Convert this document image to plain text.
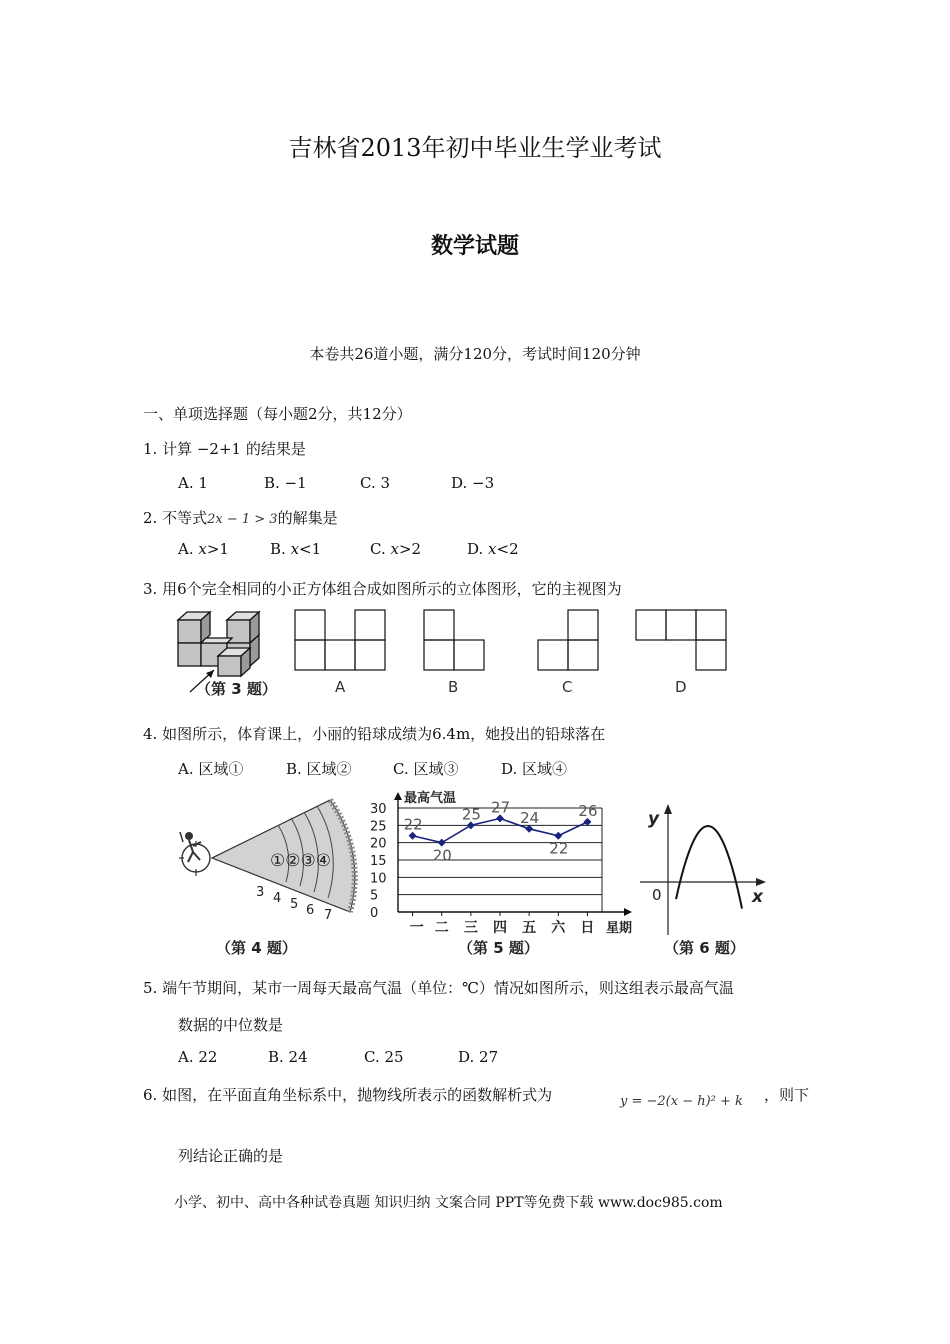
吉林省2013年初中毕业生学业考试
数学试题
本卷共26道小题，满分120分，考试时间120分钟
一、单项选择题（每小题2分，共12分）
1. 计算 −2+1 的结果是
A. 1	B. −1	C. 3	D. −3
2. 不等式2x − 1 > 3的解集是
A. x>1	B. x<1	C. x>2	D. x<2
3. 用6个完全相同的小正方体组合成如图所示的立体图形，它的主视图为
（第 3 题）	A	B	C	D
4. 如图所示，体育课上，小丽的铅球成绩为6.4m，她投出的铅球落在
A. 区域①	B. 区域②	C. 区域③	D. 区域④
①②③④
3 4 5 6 7
（第 4 题）
0
5
10
15
20
25
30
最高气温
一 二 三 四 五 六 日 星期
22
20
25 27
24
22
26
（第 5 题）
y
x
0
（第 6 题）
5. 端午节期间，某市一周每天最高气温（单位：℃）情况如图所示，则这组表示最高气温
数据的中位数是
A. 22	B. 24	C. 25	D. 27
6. 如图，在平面直角坐标系中，抛物线所表示的函数解析式为	y = −2(x − h)² + k ，则下
列结论正确的是
小学、初中、高中各种试卷真题 知识归纳 文案合同 PPT等免费下载 www.doc985.com
